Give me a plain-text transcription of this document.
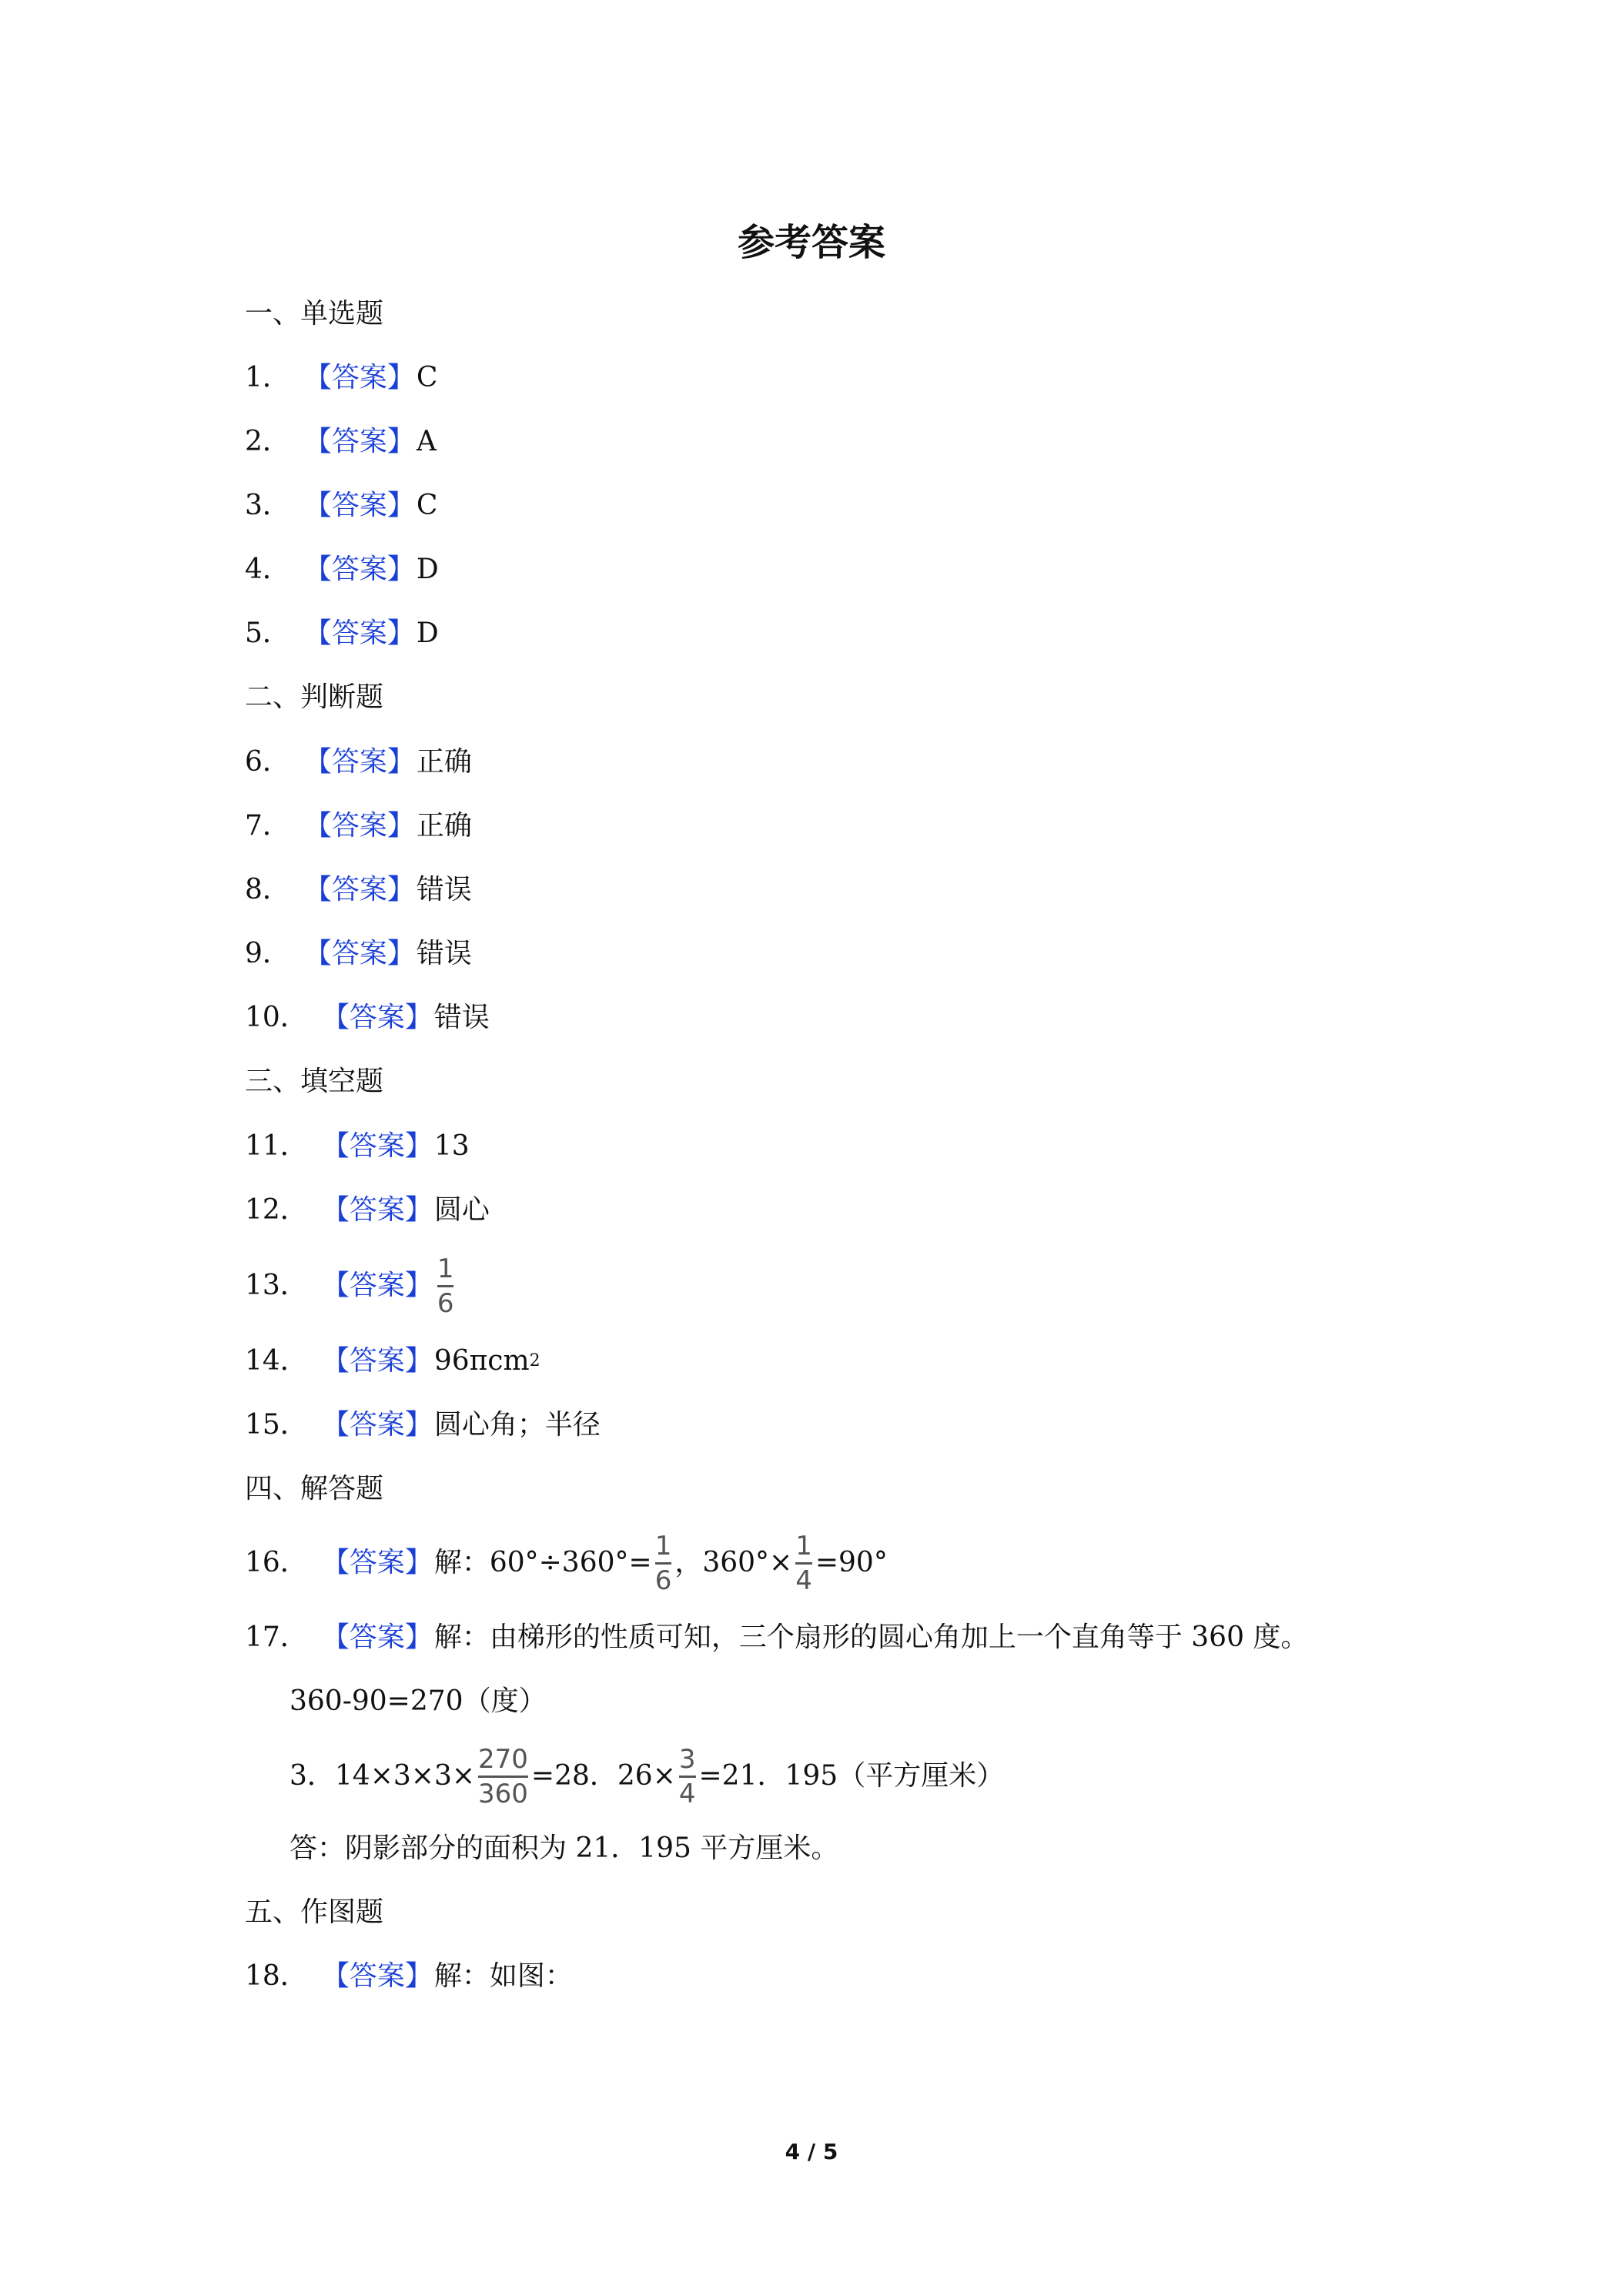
参考答案
一、单选题
1． 【答案】 C
2． 【答案】 A
3． 【答案】 C
4． 【答案】 D
5． 【答案】 D
二、判断题
6． 【答案】 正确
7． 【答案】 正确
8． 【答案】 错误
9． 【答案】 错误
10． 【答案】 错误
三、填空题
11． 【答案】 13
12． 【答案】 圆心
13． 【答案】 $\frac{1}{6}$
14． 【答案】 96πcm 2
15． 【答案】 圆心角；半径
四、解答题
16． 【答案】 解：$60^\circ\div 360^\circ= \frac{1}{6}$ ，$360^\circ\times \frac{1}{4} =90^\circ$
17． 【答案】 解：由梯形的性质可知，三个扇形的圆心角加上一个直角等于 360 度。
360-90=270（度）
3．$14\times 3\times 3\times \frac{270}{360} =28$．$26\times \frac{3}{4} =21$．195（平方厘米）
答：阴影部分的面积为 21．195 平方厘米。
五、作图题
18． 【答案】 解：如图：
4 / 5
